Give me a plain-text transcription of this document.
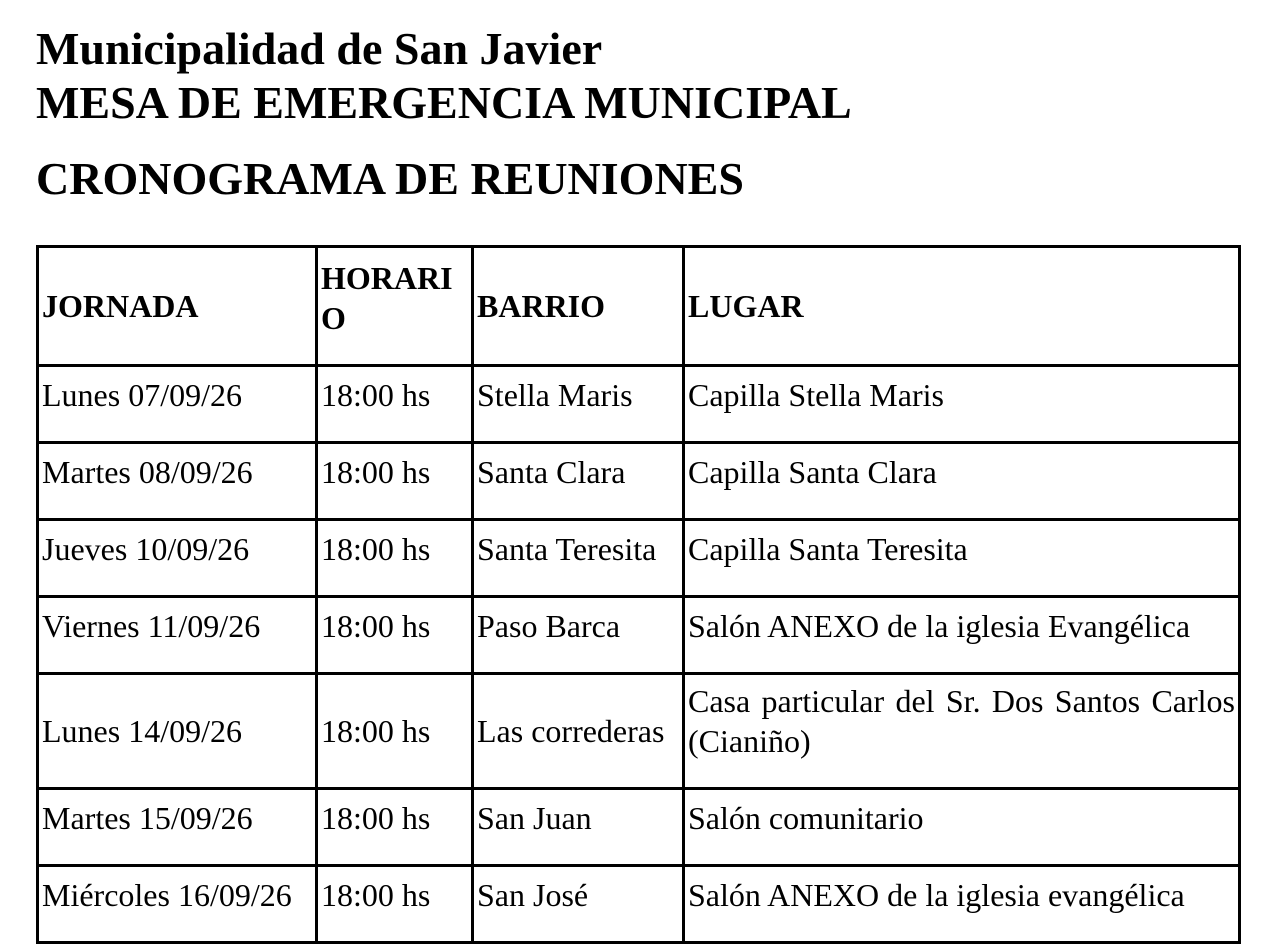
Municipalidad de San Javier
MESA DE EMERGENCIA MUNICIPAL
CRONOGRAMA DE REUNIONES
JORNADA	HORARIO	BARRIO	LUGAR
Lunes 07/09/26	18:00 hs	Stella Maris	Capilla Stella Maris
Martes 08/09/26	18:00 hs	Santa Clara	Capilla Santa Clara
Jueves 10/09/26	18:00 hs	Santa Teresita	Capilla Santa Teresita
Viernes 11/09/26	18:00 hs	Paso Barca	Salón ANEXO de la iglesia Evangélica
Lunes 14/09/26	18:00 hs	Las correderas	Casa particular del Sr. Dos Santos Carlos (Cianiño)
Martes 15/09/26	18:00 hs	San Juan	Salón comunitario
Miércoles 16/09/26	18:00 hs	San José	Salón ANEXO de la iglesia evangélica
